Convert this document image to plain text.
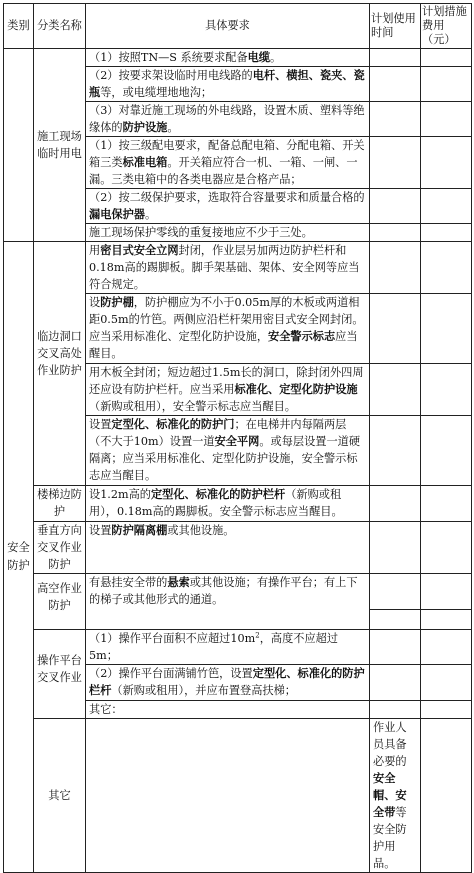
类别	分类名称	具体要求	计划使用时间	计划措施费用（元）	
	施工现场临时用电	（1）按照TN—S 系统要求配备电缆。			
		（2）按要求架设临时用电线路的电杆、横担、瓷夹、瓷瓶等，或电缆埋地地沟；			
		（3）对靠近施工现场的外电线路，设置木质、塑料等绝缘体的防护设施。			
		（1）按三级配电要求，配备总配电箱、分配电箱、开关箱三类标准电箱。开关箱应符合一机、一箱、一闸、一漏。三类电箱中的各类电器应是合格产品；			
		（2）按二级保护要求，选取符合容量要求和质量合格的漏电保护器。			
		施工现场保护零线的重复接地应不少于三处。			
安全防护	临边洞口交叉高处作业防护	用密目式安全立网封闭，作业层另加两边防护栏杆和0.18m高的踢脚板。脚手架基础、架体、安全网等应当符合规定。			
		设防护棚，防护棚应为不小于0.05m厚的木板或两道相距0.5m的竹笆。两侧应沿栏杆架用密目式安全网封闭。应当采用标准化、定型化防护设施，安全警示标志应当醒目。			
		用木板全封闭；短边超过1.5m长的洞口，除封闭外四周还应设有防护栏杆。应当采用标准化、定型化防护设施（新购或租用），安全警示标志应当醒目。			
		设置定型化、标准化的防护门；在电梯井内每隔两层（不大于10m）设置一道安全平网。或每层设置一道硬隔离；应当采用标准化、定型化防护设施，安全警示标志应当醒目。			
	楼梯边防护	设1.2m高的定型化、标准化的防护栏杆（新购或租用），0.18m高的踢脚板。安全警示标志应当醒目。			
	垂直方向交叉作业防护	设置防护隔离棚或其他设施。			
	高空作业防护	有悬挂安全带的悬索或其他设施；有操作平台；有上下的梯子或其他形式的通道。			

	操作平台交叉作业	（1）操作平台面积不应超过$10m^2$，高度不应超过5m；			
		（2）操作平台面满铺竹笆，设置定型化、标准化的防护栏杆（新购或租用），并应布置登高扶梯；			
		其它：			
	其它		作业人员具备必要的安全帽、安全带等安全防护用品。		
